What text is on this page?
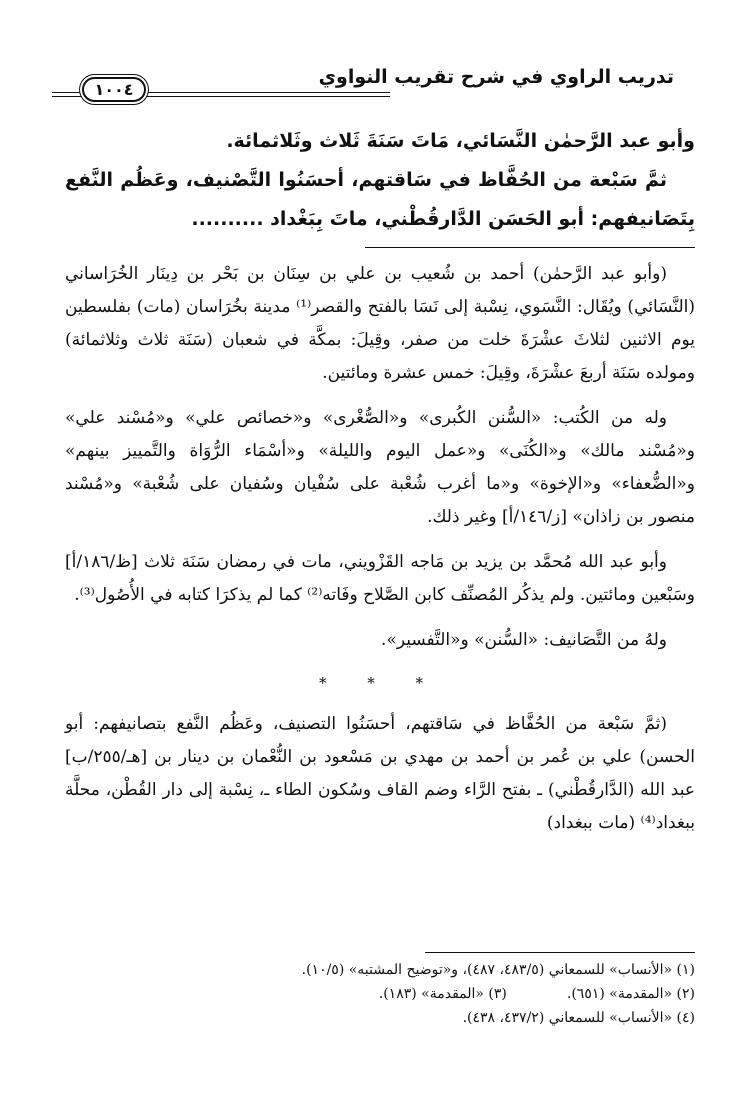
تدريب الراوي في شرح تقريب النواوي
١٠٠٤

وأبو عبد الرَّحمٰن النَّسَائي، مَاتَ سَنَةَ ثَلاث وثَلاثمائة.

ثمَّ سَبْعة من الحُفَّاظ في سَاقتهم، أحسَنُوا التَّصْنيف، وعَظُم النَّفع بِتَصَانيفهم: أبو الحَسَن الدَّارقُطْني، ماتَ بِبَغْداد ..........

(وأبو عبد الرَّحمٰن) أحمد بن شُعيب بن علي بن سِنَان بن بَحْر بن دِينَار الخُرَاساني (النَّسَائي) ويُقَال: النَّسَوي، نِسْبة إلى نَسَا بالفتح والقصر⁽¹⁾ مدينة بخُرَاسان (مات) بفلسطين يوم الاثنين لثلاثَ عشْرَةَ خلت من صفر، وقِيلَ: بمكَّة في شعبان (سَنَة ثلاث وثلاثمائة) ومولده سَنَة أربعَ عشْرَةَ، وقِيلَ: خمس عشرة ومائتين.

وله من الكُتب: «السُّنن الكُبرى» و«الصُّغْرى» و«خصائص علي» و«مُسْند علي» و«مُسْند مالك» و«الكُنَى» و«عمل اليوم والليلة» و«أسْمَاء الرُّوَاة والتَّمييز بينهم» و«الضُّعفاء» و«الإخوة» و«ما أغرب شُعْبة على سُفْيان وسُفيان على شُعْبة» و«مُسْند منصور بن زاذان» [ز/١٤٦/أ] وغير ذلك.

وأبو عبد الله مُحمَّد بن يزيد بن مَاجه القَزْويني، مات في رمضان سَنَة ثلاث [ظ/١٨٦/أ] وسَبْعين ومائتين. ولم يذكُر المُصنِّف كابن الصَّلاح وفَاته⁽²⁾ كما لم يذكرَا كتابه في الأُصُول⁽³⁾.

ولهُ من التَّصَانيف: «السُّنن» و«التَّفسير».

* * *

(ثمَّ سَبْعة من الحُفَّاظ في سَاقتهم، أحسَنُوا التصنيف، وعَظُم النَّفع بتصانيفهم: أبو الحسن) علي بن عُمر بن أحمد بن مهدي بن مَسْعود بن النُّعْمان بن دينار بن [هـ/٢٥٥/ب] عبد الله (الدَّارقُطْني) ـ بفتح الرَّاء وضم القاف وسُكون الطاء ـ، نِسْبة إلى دار القُطْن، محلَّة ببغداد⁽⁴⁾ (مات ببغداد)

(١) «الأنساب» للسمعاني (٤٨٣/٥، ٤٨٧)، و«توضيح المشتبه» (١٠/٥).
(٢) «المقدمة» (٦٥١).
(٣) «المقدمة» (١٨٣).
(٤) «الأنساب» للسمعاني (٤٣٧/٢، ٤٣٨).
